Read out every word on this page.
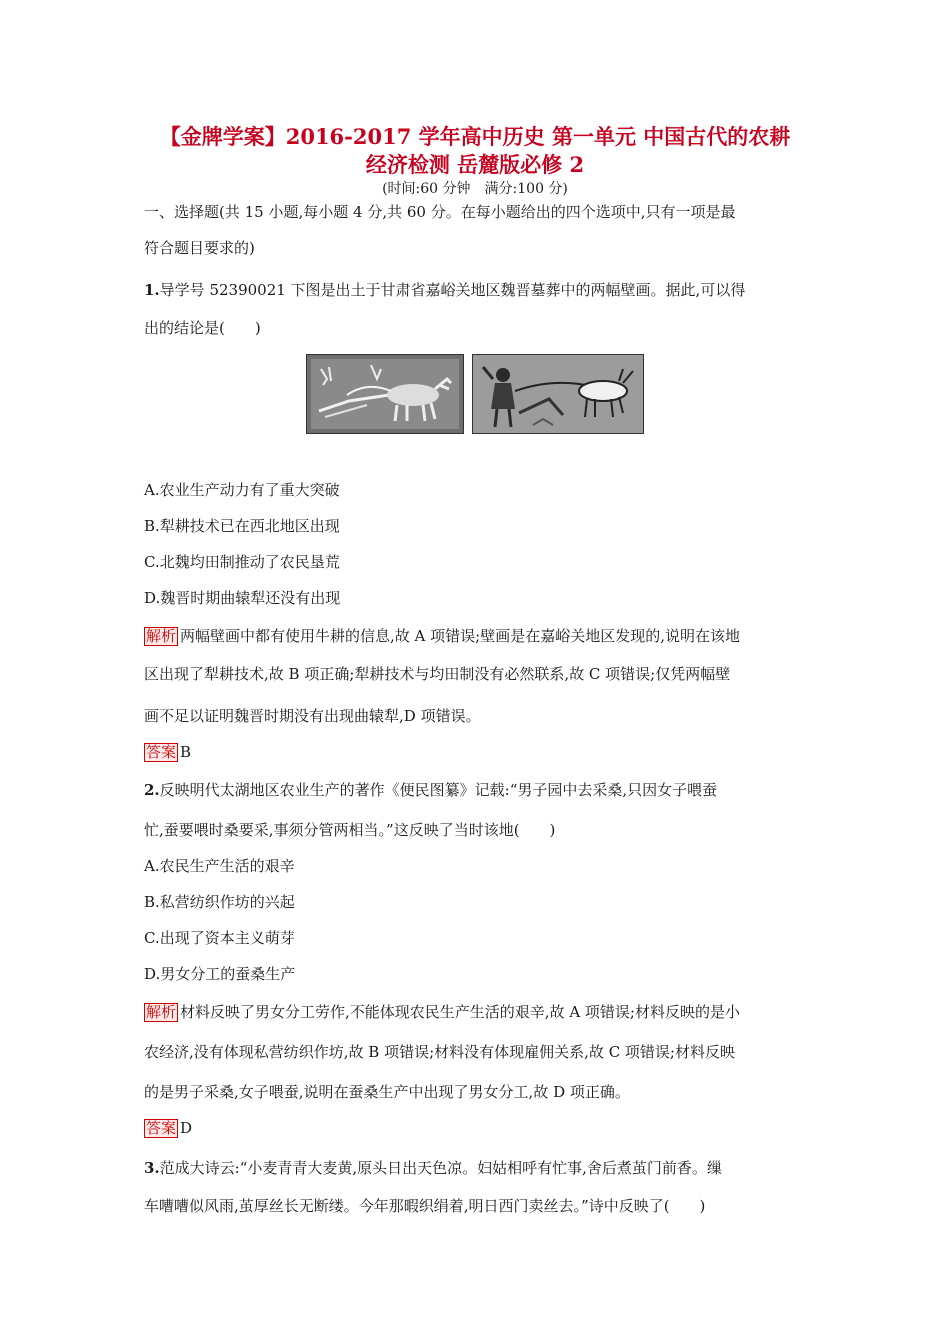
【金牌学案】2016-2017 学年高中历史 第一单元 中国古代的农耕
经济检测 岳麓版必修 2
(时间:60 分钟　满分:100 分)
一、选择题(共 15 小题,每小题 4 分,共 60 分。在每小题给出的四个选项中,只有一项是最
符合题目要求的)
1.导学号 52390021 下图是出土于甘肃省嘉峪关地区魏晋墓葬中的两幅壁画。据此,可以得
出的结论是(　　)
A.农业生产动力有了重大突破
B.犁耕技术已在西北地区出现
C.北魏均田制推动了农民垦荒
D.魏晋时期曲辕犁还没有出现
解析 两幅壁画中都有使用牛耕的信息,故 A 项错误;壁画是在嘉峪关地区发现的,说明在该地
区出现了犁耕技术,故 B 项正确;犁耕技术与均田制没有必然联系,故 C 项错误;仅凭两幅壁
画不足以证明魏晋时期没有出现曲辕犁,D 项错误。
答案 B
2.反映明代太湖地区农业生产的著作《便民图纂》记载:“男子园中去采桑,只因女子喂蚕
忙,蚕要喂时桑要采,事须分管两相当。”这反映了当时该地(　　)
A.农民生产生活的艰辛
B.私营纺织作坊的兴起
C.出现了资本主义萌芽
D.男女分工的蚕桑生产
解析 材料反映了男女分工劳作,不能体现农民生产生活的艰辛,故 A 项错误;材料反映的是小
农经济,没有体现私营纺织作坊,故 B 项错误;材料没有体现雇佣关系,故 C 项错误;材料反映
的是男子采桑,女子喂蚕,说明在蚕桑生产中出现了男女分工,故 D 项正确。
答案 D
3.范成大诗云:“小麦青青大麦黄,原头日出天色凉。妇姑相呼有忙事,舍后煮茧门前香。缫
车嘈嘈似风雨,茧厚丝长无断缕。今年那暇织绢着,明日西门卖丝去。”诗中反映了(　　)
